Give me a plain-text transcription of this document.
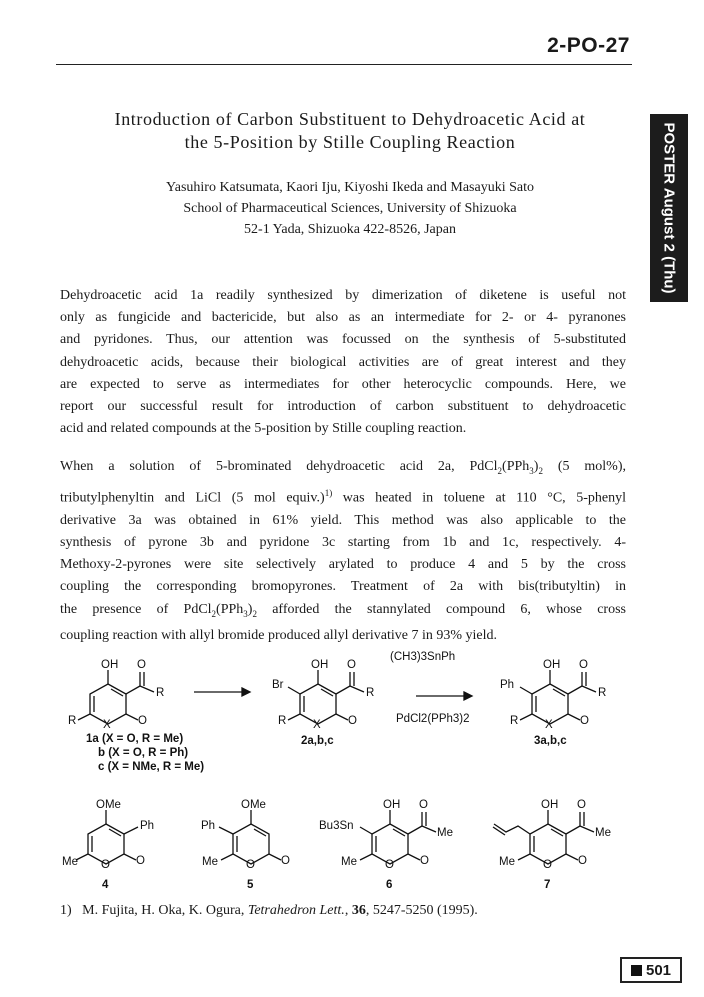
2-PO-27
POSTER August 2 (Thu)
Introduction of Carbon Substituent to Dehydroacetic Acid at
the 5-Position by Stille Coupling Reaction
Yasuhiro Katsumata, Kaori Iju, Kiyoshi Ikeda and Masayuki Sato
School of Pharmaceutical Sciences, University of Shizuoka
52-1 Yada, Shizuoka 422-8526, Japan
Dehydroacetic acid 1a readily synthesized by dimerization of diketene is useful not
only as fungicide and bactericide, but also as an intermediate for 2- or 4- pyranones
and pyridones. Thus, our attention was focussed on the synthesis of 5-substituted
dehydroacetic acids, because their biological activities are of great interest and they
are expected to serve as intermediates for other heterocyclic compounds. Here, we
report our successful result for introduction of carbon substituent to dehydroacetic
acid and related compounds at the 5-position by Stille coupling reaction.
When a solution of 5-brominated dehydroacetic acid 2a, $PdCl_2(PPh_3)_2$ (5 mol%),
tributylphenyltin and LiCl (5 mol equiv.)$^{1)}$ was heated in toluene at 110 °C, 5-phenyl
derivative 3a was obtained in 61% yield. This method was also applicable to the
synthesis of pyrone 3b and pyridone 3c starting from 1b and 1c, respectively. 4-
Methoxy-2-pyrones were site selectively arylated to produce 4 and 5 by the cross
coupling the corresponding bromopyrones. Treatment of 2a with bis(tributyltin) in
the presence of $PdCl_2(PPh_3)_2$ afforded the stannylated compound 6, whose cross
coupling reaction with allyl bromide produced allyl derivative 7 in 93% yield.
OH O
R
R X O
OH O
R
Br
R X O
(CH3)3SnPh
PdCl2(PPh3)2
OH O
R
Ph
R X O
1a (X = O, R = Me)
b (X = O, R = Ph)
c (X = NMe, R = Me)
2a,b,c	3a,b,c
OMe
Ph
Me O O
4
OMe
Ph
Me O O
5
OH O
Me
Bu3Sn
Me O O
6
OH O
Me
Me O O
7
1) M. Fujita, H. Oka, K. Ogura, Tetrahedron Lett., 36, 5247-5250 (1995).
501
